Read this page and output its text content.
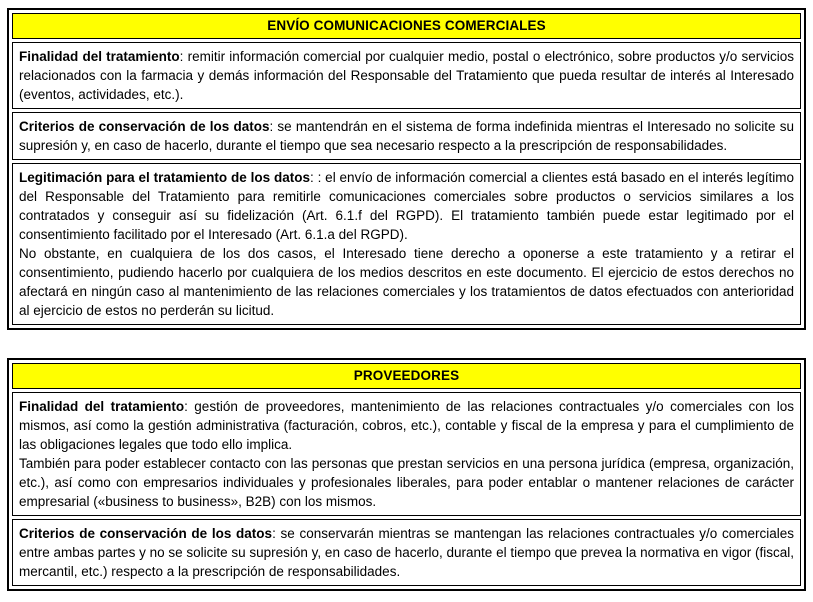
ENVÍO COMUNICACIONES COMERCIALES
Finalidad del tratamiento: remitir información comercial por cualquier medio, postal o electrónico, sobre productos y/o servicios relacionados con la farmacia y demás información del Responsable del Tratamiento que pueda resultar de interés al Interesado (eventos, actividades, etc.).
Criterios de conservación de los datos: se mantendrán en el sistema de forma indefinida mientras el Interesado no solicite su supresión y, en caso de hacerlo, durante el tiempo que sea necesario respecto a la prescripción de responsabilidades.
Legitimación para el tratamiento de los datos: : el envío de información comercial a clientes está basado en el interés legítimo del Responsable del Tratamiento para remitirle comunicaciones comerciales sobre productos o servicios similares a los contratados y conseguir así su fidelización (Art. 6.1.f del RGPD). El tratamiento también puede estar legitimado por el consentimiento facilitado por el Interesado (Art. 6.1.a del RGPD).
No obstante, en cualquiera de los dos casos, el Interesado tiene derecho a oponerse a este tratamiento y a retirar el consentimiento, pudiendo hacerlo por cualquiera de los medios descritos en este documento. El ejercicio de estos derechos no afectará en ningún caso al mantenimiento de las relaciones comerciales y los tratamientos de datos efectuados con anterioridad al ejercicio de estos no perderán su licitud.
PROVEEDORES
Finalidad del tratamiento: gestión de proveedores, mantenimiento de las relaciones contractuales y/o comerciales con los mismos, así como la gestión administrativa (facturación, cobros, etc.), contable y fiscal de la empresa y para el cumplimiento de las obligaciones legales que todo ello implica.
También para poder establecer contacto con las personas que prestan servicios en una persona jurídica (empresa, organización, etc.), así como con empresarios individuales y profesionales liberales, para poder entablar o mantener relaciones de carácter empresarial («business to business», B2B) con los mismos.

Criterios de conservación de los datos: se conservarán mientras se mantengan las relaciones contractuales y/o comerciales entre ambas partes y no se solicite su supresión y, en caso de hacerlo, durante el tiempo que prevea la normativa en vigor (fiscal, mercantil, etc.) respecto a la prescripción de responsabilidades.
